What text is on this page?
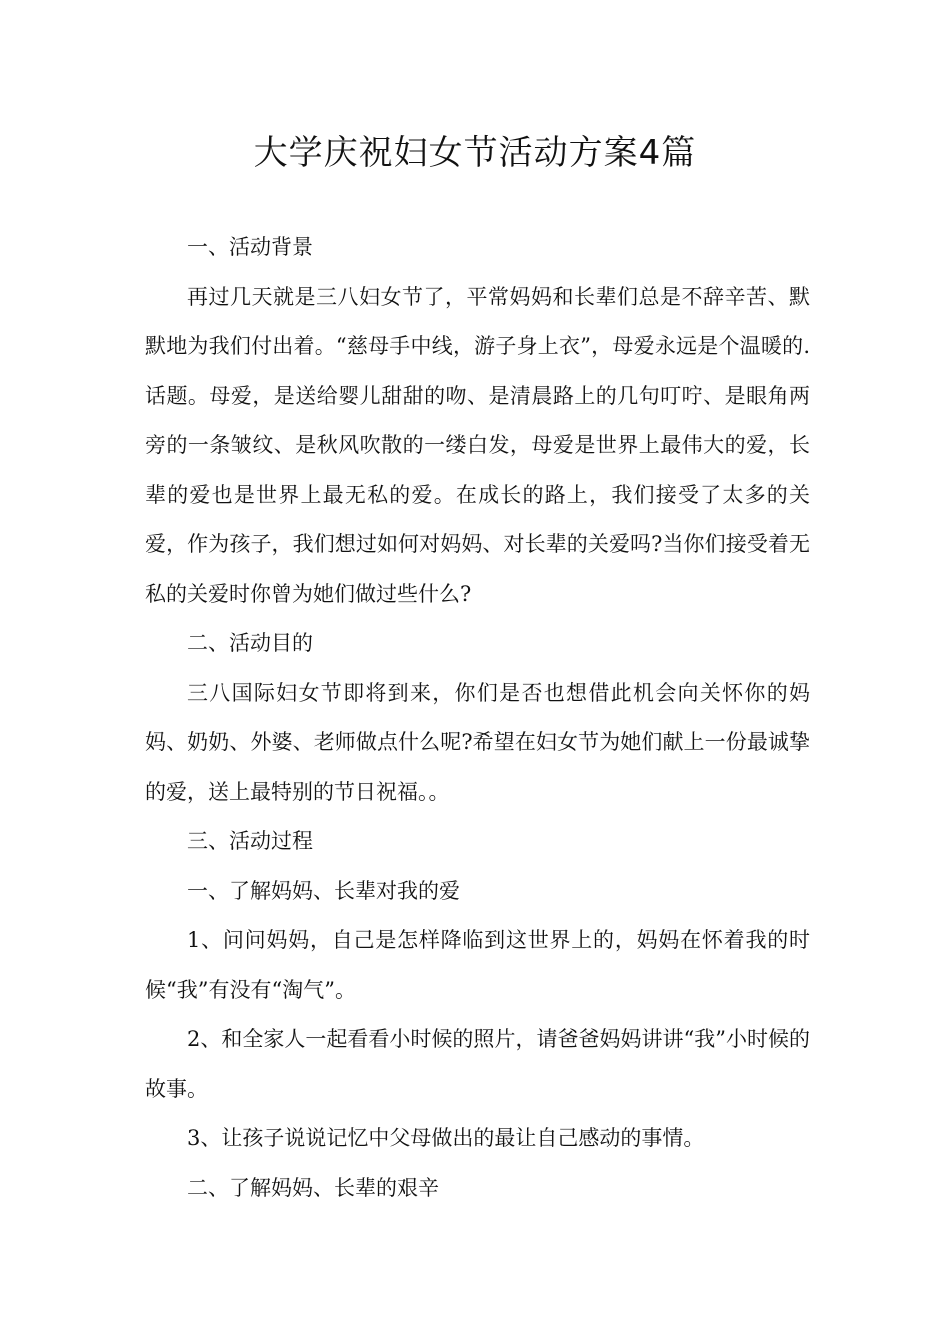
大学庆祝妇女节活动方案4篇

一、活动背景

再过几天就是三八妇女节了，平常妈妈和长辈们总是不辞辛苦、默默地为我们付出着。“慈母手中线，游子身上衣”，母爱永远是个温暖的.话题。母爱，是送给婴儿甜甜的吻、是清晨路上的几句叮咛、是眼角两旁的一条皱纹、是秋风吹散的一缕白发，母爱是世界上最伟大的爱，长辈的爱也是世界上最无私的爱。在成长的路上，我们接受了太多的关爱，作为孩子，我们想过如何对妈妈、对长辈的关爱吗?当你们接受着无私的关爱时你曾为她们做过些什么?

二、活动目的

三八国际妇女节即将到来，你们是否也想借此机会向关怀你的妈妈、奶奶、外婆、老师做点什么呢?希望在妇女节为她们献上一份最诚挚的爱，送上最特别的节日祝福。。

三、活动过程

一、了解妈妈、长辈对我的爱

1、问问妈妈，自己是怎样降临到这世界上的，妈妈在怀着我的时候“我”有没有“淘气”。

2、和全家人一起看看小时候的照片，请爸爸妈妈讲讲“我”小时候的故事。

3、让孩子说说记忆中父母做出的最让自己感动的事情。

二、了解妈妈、长辈的艰辛
